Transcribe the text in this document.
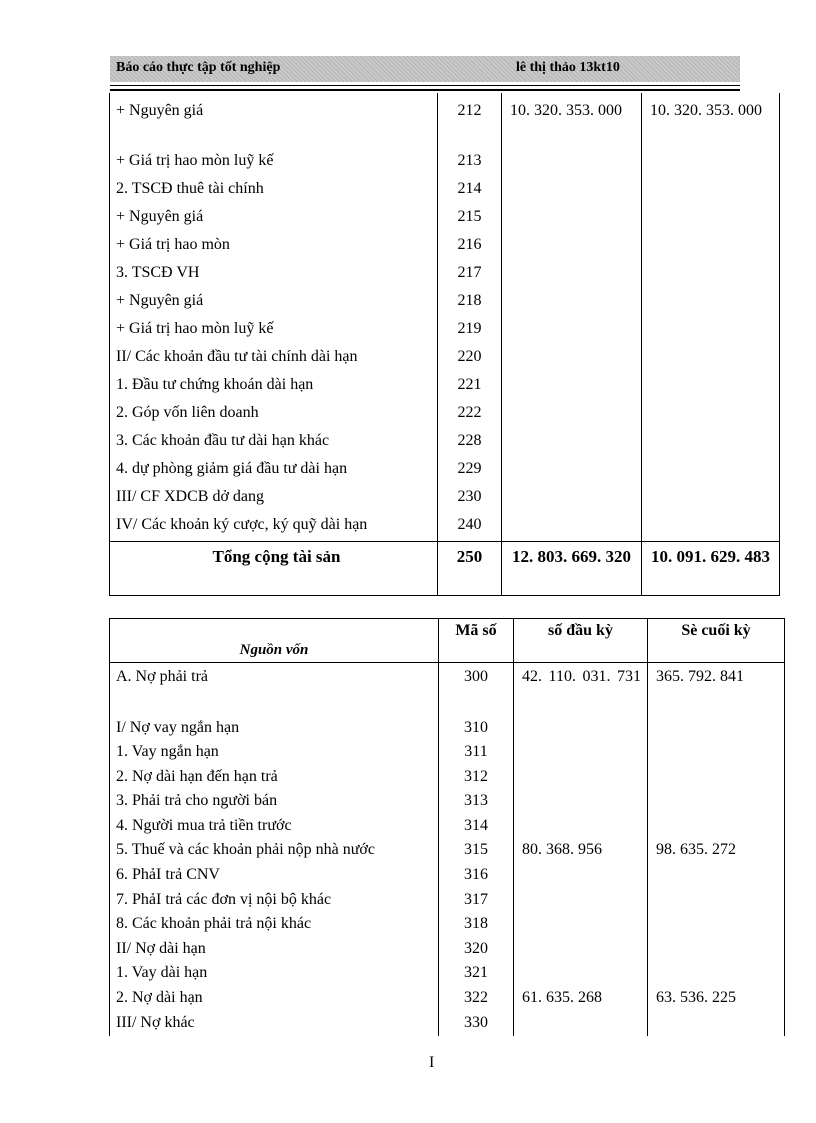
Báo cáo thực tập tốt nghiệp	lê thị thảo 13kt10
+ Nguyên giá	212	10. 320. 353. 000	10. 320. 353. 000
+ Giá trị hao mòn luỹ kế	213		
2. TSCĐ thuê tài chính	214		
+ Nguyên giá	215		
+ Giá trị hao mòn	216		
3. TSCĐ VH	217		
+ Nguyên giá	218		
+ Giá trị hao mòn luỹ kế	219		
II/ Các khoản đầu tư tài chính dài hạn	220		
1. Đầu tư chứng khoán dài hạn	221		
2. Góp vốn liên doanh	222		
3. Các khoản đầu tư dài hạn khác	228		
4. dự phòng giảm giá đầu tư dài hạn	229		
III/ CF XDCB dở dang	230		
IV/ Các khoản ký cược, ký quỹ dài hạn	240		
Tổng cộng tài sản	250	12. 803. 669. 320	10. 091. 629. 483
Nguồn vốn	Mã số	số đầu kỳ	Sè cuối kỳ
A. Nợ phải trả	300	42. 110. 031. 731	365. 792. 841
I/ Nợ vay ngắn hạn	310		
1. Vay ngắn hạn	311		
2. Nợ dài hạn đến hạn trả	312		
3. Phải trả cho người bán	313		
4. Người mua trả tiền trước	314		
5. Thuế và các khoản phải nộp nhà nước	315	80. 368. 956	98. 635. 272
6. PhảI trả CNV	316		
7. PhảI trả các đơn vị nội bộ khác	317		
8. Các khoản phải trả nội khác	318		
II/ Nợ dài hạn	320		
1. Vay dài hạn	321		
2. Nợ dài hạn	322	61. 635. 268	63. 536. 225
III/ Nợ khác	330		
I
